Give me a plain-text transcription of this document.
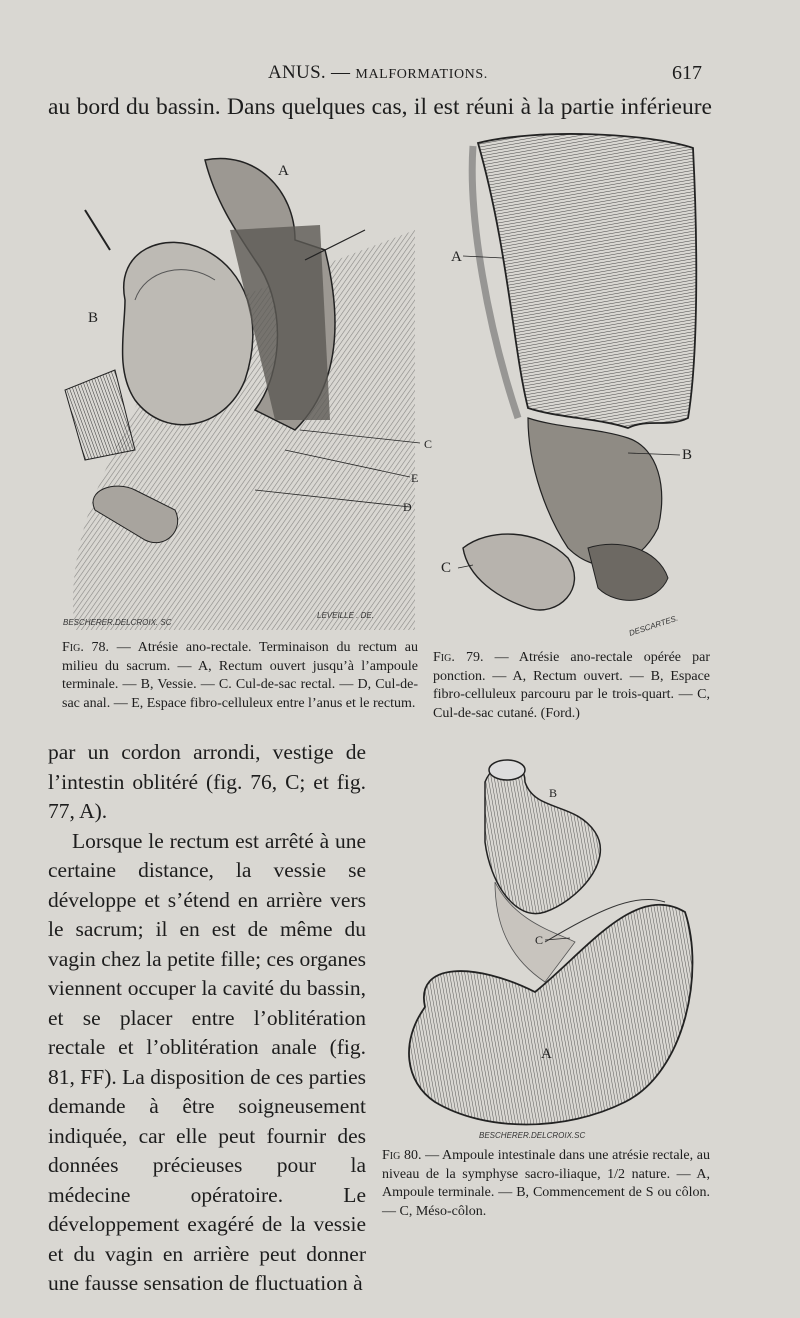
ANUS. — MALFORMATIONS.	617
au bord du bassin. Dans quelques cas, il est réuni à la partie inférieure
A
B
C
E
D
BESCHERER.DELCROIX. SC
LEVEILLE . DE.
Fig. 78. — Atrésie ano-rectale. Terminaison du rectum au milieu du sacrum. — A, Rectum ouvert jusqu’à l’ampoule terminale. — B, Vessie. — C. Cul-de-sac rectal. — D, Cul-de-sac anal. — E, Espace fibro-celluleux entre l’anus et le rectum.
A
B
C
DESCARTES.
Fig. 79. — Atrésie ano-rectale opérée par ponction. — A, Rectum ouvert. — B, Espace fibro-celluleux parcouru par le trois-quart. — C, Cul-de-sac cutané. (Ford.)
B
C
A
BESCHERER.DELCROIX.SC
Fig 80. — Ampoule intestinale dans une atrésie rectale, au niveau de la symphyse sacro-iliaque, 1/2 nature. — A, Ampoule terminale. — B, Commencement de S ou côlon. — C, Méso-côlon.

par un cordon arrondi, vestige de l’intestin oblitéré (fig. 76, C; et fig. 77, A).

Lorsque le rectum est arrêté à une certaine distance, la vessie se développe et s’étend en arrière vers le sacrum; il en est de même du vagin chez la petite fille; ces organes viennent occuper la cavité du bassin, et se placer entre l’oblitération rectale et l’oblitération anale (fig. 81, FF). La disposition de ces parties demande à être soigneusement indiquée, car elle peut fournir des données précieuses pour la médecine opératoire. Le développement exagéré de la vessie et du vagin en arrière peut donner une fausse sensation de fluctuation à
